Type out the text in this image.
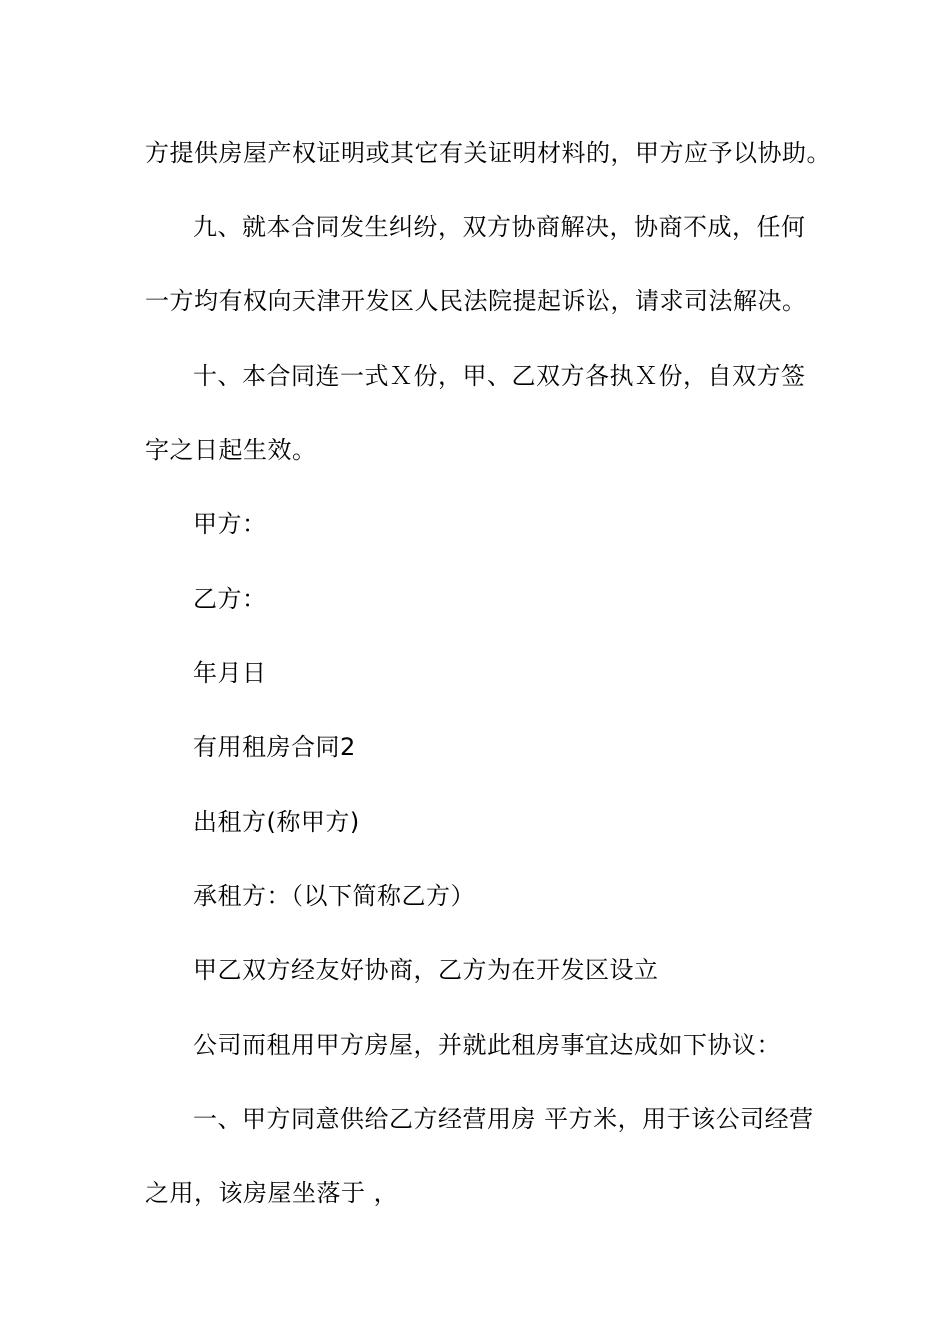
方提供房屋产权证明或其它有关证明材料的，甲方应予以协助。
九、就本合同发生纠纷，双方协商解决，协商不成，任何
一方均有权向天津开发区人民法院提起诉讼，请求司法解决。
十、本合同连一式Ｘ份，甲、乙双方各执Ｘ份，自双方签
字之日起生效。
甲方：
乙方：
年月日
有用租房合同2
出租方(称甲方)
承租方：（以下简称乙方）
甲乙双方经友好协商，乙方为在开发区设立
公司而租用甲方房屋，并就此租房事宜达成如下协议：
一、甲方同意供给乙方经营用房 平方米，用于该公司经营
之用，该房屋坐落于 ，
